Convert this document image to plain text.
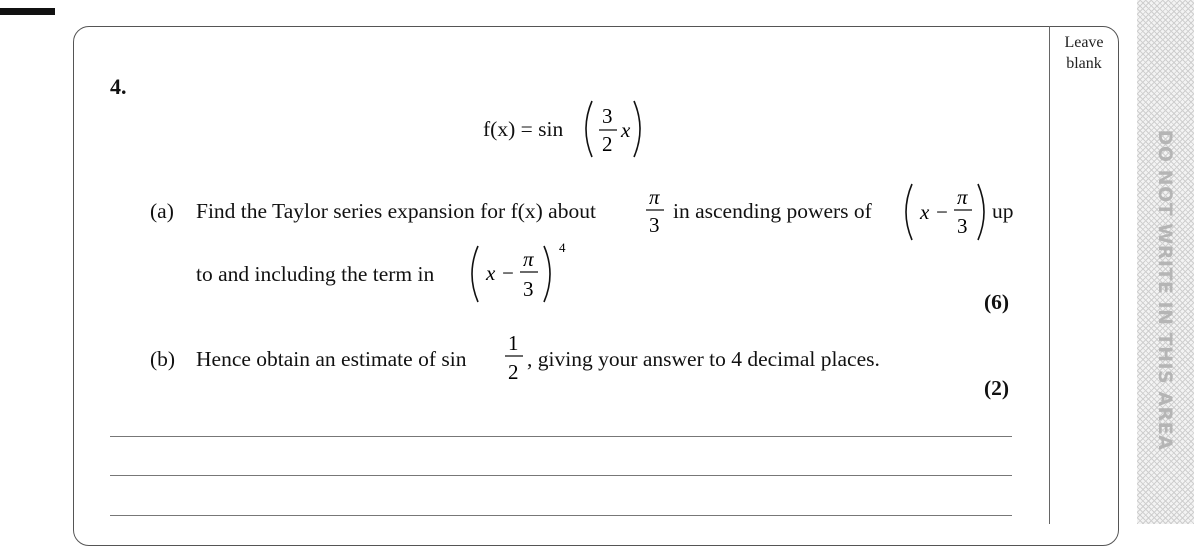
Leave
blank
DO NOT WRITE IN THIS AREA
4.
f(x) = sin
3
2
x
(a) Find the Taylor series expansion for f(x) about
π
3
in ascending powers of x −
π
3
up
to and including the term in x −
π
3
4
(6)
(b) Hence obtain an estimate of sin
1
2
, giving your answer to 4 decimal places.
(2)
